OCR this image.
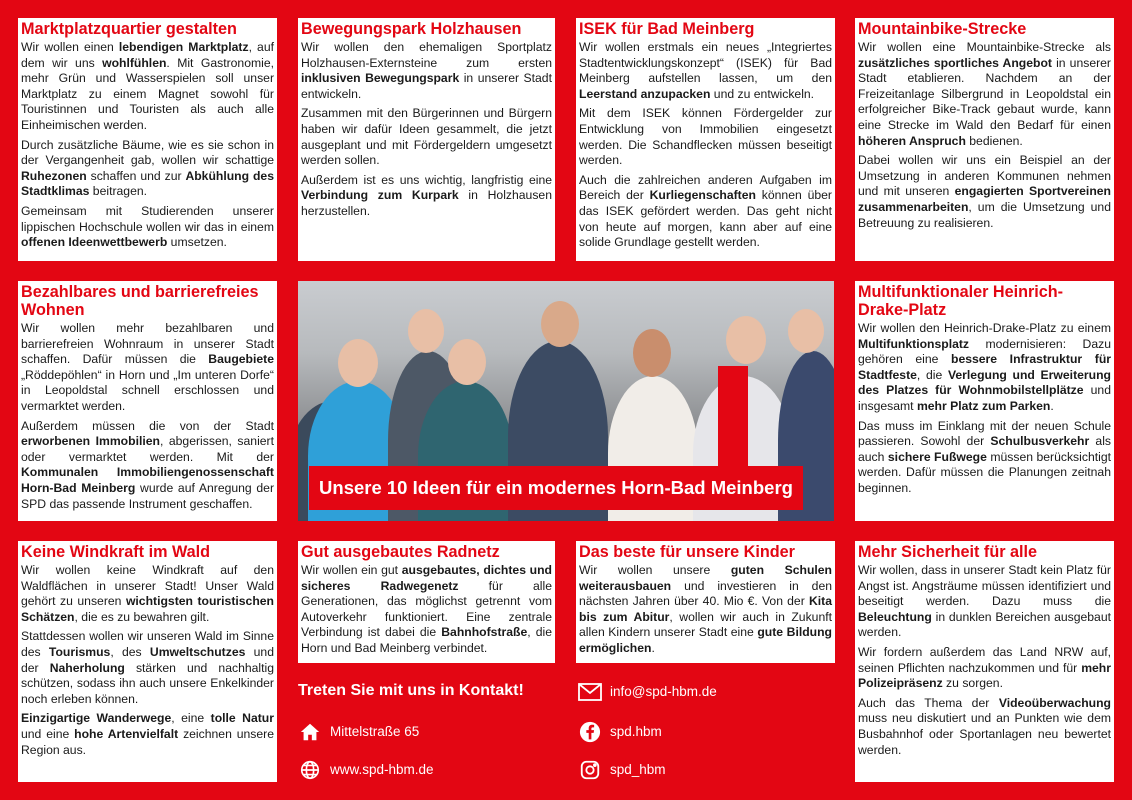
Marktplatzquartier gestalten

Wir wollen einen lebendigen Marktplatz, auf dem wir uns wohlfühlen. Mit Gastronomie, mehr Grün und Wasserspielen soll unser Marktplatz zu einem Magnet sowohl für Touristinnen und Touristen als auch alle Einheimischen werden.

Durch zusätzliche Bäume, wie es sie schon in der Vergangenheit gab, wollen wir schattige Ruhezonen schaffen und zur Abkühlung des Stadtklimas beitragen.

Gemeinsam mit Studierenden unserer lippischen Hochschule wollen wir das in einem offenen Ideenwettbewerb umsetzen.

Bewegungspark Holzhausen

Wir wollen den ehemaligen Sportplatz Holzhausen-Externsteine zum ersten inklusiven Bewegungspark in unserer Stadt entwickeln.

Zusammen mit den Bürgerinnen und Bürgern haben wir dafür Ideen gesammelt, die jetzt ausgeplant und mit Fördergeldern umgesetzt werden sollen.

Außerdem ist es uns wichtig, langfristig eine Verbindung zum Kurpark in Holzhausen herzustellen.

ISEK für Bad Meinberg

Wir wollen erstmals ein neues „Integriertes Stadtentwicklungskonzept“ (ISEK) für Bad Meinberg aufstellen lassen, um den Leerstand anzupacken und zu entwickeln.

Mit dem ISEK können Fördergelder zur Entwicklung von Immobilien eingesetzt werden. Die Schandflecken müssen beseitigt werden.

Auch die zahlreichen anderen Aufgaben im Bereich der Kurliegenschaften können über das ISEK gefördert werden. Das geht nicht von heute auf morgen, kann aber auf eine solide Grundlage gestellt werden.

Mountainbike-Strecke

Wir wollen eine Mountainbike-Strecke als zusätzliches sportliches Angebot in unserer Stadt etablieren. Nachdem an der Freizeitanlage Silbergrund in Leopoldstal ein erfolgreicher Bike-Track gebaut wurde, kann eine Strecke im Wald den Bedarf für einen höheren Anspruch bedienen.

Dabei wollen wir uns ein Beispiel an der Umsetzung in anderen Kommunen nehmen und mit unseren engagierten Sportvereinen zusammenarbeiten, um die Umsetzung und Betreuung zu realisieren.

Bezahlbares und barrierefreies Wohnen

Wir wollen mehr bezahlbaren und barrierefreien Wohnraum in unserer Stadt schaffen. Dafür müssen die Baugebiete „Röddepöhlen“ in Horn und „Im unteren Dorfe“ in Leopoldstal schnell erschlossen und vermarktet werden.

Außerdem müssen die von der Stadt erworbenen Immobilien, abgerissen, saniert oder vermarktet werden. Mit der Kommunalen Immobiliengenossenschaft Horn-Bad Meinberg wurde auf Anregung der SPD das passende Instrument geschaffen.

Unsere 10 Ideen für ein modernes Horn-Bad Meinberg
Multifunktionaler Heinrich-Drake-Platz

Wir wollen den Heinrich-Drake-Platz zu einem Multifunktionsplatz modernisieren: Dazu gehören eine bessere Infrastruktur für Stadtfeste, die Verlegung und Erweiterung des Platzes für Wohnmobilstellplätze und insgesamt mehr Platz zum Parken.

Das muss im Einklang mit der neuen Schule passieren. Sowohl der Schulbusverkehr als auch sichere Fußwege müssen berücksichtigt werden. Dafür müssen die Planungen zeitnah beginnen.

Keine Windkraft im Wald

Wir wollen keine Windkraft auf den Waldflächen in unserer Stadt! Unser Wald gehört zu unseren wichtigsten touristischen Schätzen, die es zu bewahren gilt.

Stattdessen wollen wir unseren Wald im Sinne des Tourismus, des Umweltschutzes und der Naherholung stärken und nachhaltig schützen, sodass ihn auch unsere Enkelkinder noch erleben können.

Einzigartige Wanderwege, eine tolle Natur und eine hohe Artenvielfalt zeichnen unsere Region aus.

Gut ausgebautes Radnetz

Wir wollen ein gut ausgebautes, dichtes und sicheres Radwegenetz für alle Generationen, das möglichst getrennt vom Autoverkehr funktioniert. Eine zentrale Verbindung ist dabei die Bahnhofstraße, die Horn und Bad Meinberg verbindet.

Das beste für unsere Kinder

Wir wollen unsere guten Schulen weiterausbauen und investieren in den nächsten Jahren über 40. Mio €. Von der Kita bis zum Abitur, wollen wir auch in Zukunft allen Kindern unserer Stadt eine gute Bildung ermöglichen.

Mehr Sicherheit für alle

Wir wollen, dass in unserer Stadt kein Platz für Angst ist. Angsträume müssen identifiziert und beseitigt werden. Dazu muss die Beleuchtung in dunklen Bereichen ausgebaut werden.

Wir fordern außerdem das Land NRW auf, seinen Pflichten nachzukommen und für mehr Polizeipräsenz zu sorgen.

Auch das Thema der Videoüberwachung muss neu diskutiert und an Punkten wie dem Busbahnhof oder Sportanlagen neu bewertet werden.

Treten Sie mit uns in Kontakt!
Mittelstraße 65
www.spd-hbm.de
info@spd-hbm.de
spd.hbm
spd_hbm
